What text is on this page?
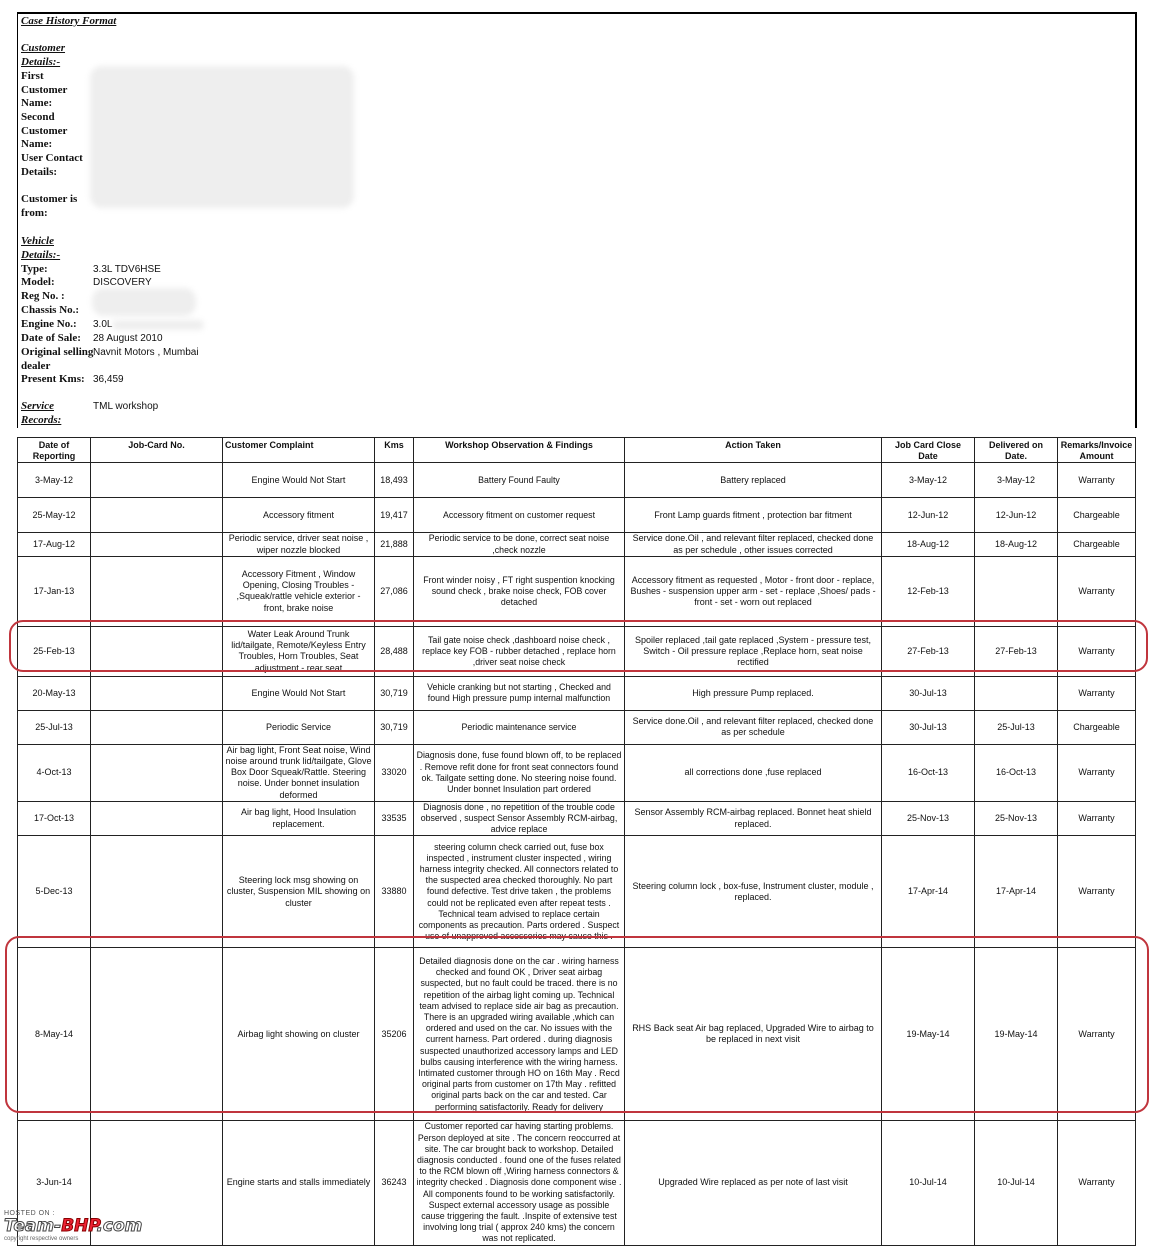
Case History Format
Customer Details:-
First Customer Name:
Second Customer Name:
User Contact Details:
Customer is from:
Vehicle Details:-
Type:	3.3L TDV6HSE
Model:	DISCOVERY
Reg No. :
Chassis No.:
Engine No.: 3.0L
Date of Sale: 28 August 2010
Original selling dealer
Navnit Motors , Mumbai
Present Kms: 36,459
Service Records:
TML workshop
Date of Reporting	Job-Card No.	Customer Complaint	Kms	Workshop Observation & Findings	Action Taken	Job Card Close Date	Delivered on Date.	Remarks/Invoice Amount
3-May-12		Engine Would Not Start	18,493	Battery Found Faulty	Battery replaced	3-May-12	3-May-12	Warranty
25-May-12		Accessory fitment	19,417	Accessory fitment on customer request	Front Lamp guards fitment , protection bar fitment	12-Jun-12	12-Jun-12	Chargeable
17-Aug-12		Periodic service, driver seat noise , wiper nozzle blocked	21,888	Periodic service to be done, correct seat noise ,check nozzle	Service done.Oil , and relevant filter replaced, checked done as per schedule , other issues corrected	18-Aug-12	18-Aug-12	Chargeable
17-Jan-13		Accessory Fitment , Window Opening, Closing Troubles - ,Squeak/rattle vehicle exterior - front, brake noise	27,086	Front winder noisy , FT right suspention knocking sound check , brake noise check, FOB cover detached	Accessory fitment as requested , Motor - front door - replace, Bushes - suspension upper arm - set - replace ,Shoes/ pads - front - set - worn out replaced	12-Feb-13		Warranty
25-Feb-13		Water Leak Around Trunk lid/tailgate, Remote/Keyless Entry Troubles, Horn Troubles, Seat adjustment - rear seat	28,488	Tail gate noise check ,dashboard noise check , replace key FOB - rubber detached , replace horn ,driver seat noise check	Spoiler replaced ,tail gate replaced ,System - pressure test, Switch - Oil pressure replace ,Replace horn, seat noise rectified	27-Feb-13	27-Feb-13	Warranty
20-May-13		Engine Would Not Start	30,719	Vehicle cranking but not starting , Checked and found High pressure pump internal malfunction	High pressure Pump replaced.	30-Jul-13		Warranty
25-Jul-13		Periodic Service	30,719	Periodic maintenance service	Service done.Oil , and relevant filter replaced, checked done as per schedule	30-Jul-13	25-Jul-13	Chargeable
4-Oct-13		Air bag light, Front Seat noise, Wind noise around trunk lid/tailgate, Glove Box Door Squeak/Rattle. Steering noise. Under bonnet insulation deformed	33020	Diagnosis done, fuse found blown off, to be replaced . Remove refit done for front seat connectors found ok. Tailgate setting done. No steering noise found. Under bonnet Insulation part ordered	all corrections done ,fuse replaced	16-Oct-13	16-Oct-13	Warranty
17-Oct-13		Air bag light, Hood Insulation replacement.	33535	Diagnosis done , no repetition of the trouble code observed , suspect Sensor Assembly RCM-airbag, advice replace	Sensor Assembly RCM-airbag replaced. Bonnet heat shield replaced.	25-Nov-13	25-Nov-13	Warranty
5-Dec-13		Steering lock msg showing on cluster, Suspension MIL showing on cluster	33880	steering column check carried out, fuse box inspected , instrument cluster inspected , wiring harness integrity checked. All connectors related to the suspected area checked thoroughly. No part found defective. Test drive taken , the problems could not be replicated even after repeat tests . Technical team advised to replace certain components as precaution. Parts ordered . Suspect use of unapproved accessories may cause this .	Steering column lock , box-fuse, Instrument cluster, module , replaced.	17-Apr-14	17-Apr-14	Warranty
8-May-14		Airbag light showing on cluster	35206	Detailed diagnosis done on the car . wiring harness checked and found OK , Driver seat airbag suspected, but no fault could be traced. there is no repetition of the airbag light coming up. Technical team advised to replace side air bag as precaution. There is an upgraded wiring available ,which can ordered and used on the car. No issues with the current harness. Part ordered . during diagnosis suspected unauthorized accessory lamps and LED bulbs causing interference with the wiring harness. Intimated customer through HO on 16th May . Recd original parts from customer on 17th May . refitted original parts back on the car and tested. Car performing satisfactorily. Ready for delivery	RHS Back seat Air bag replaced, Upgraded Wire to airbag to be replaced in next visit	19-May-14	19-May-14	Warranty
3-Jun-14		Engine starts and stalls immediately	36243	Customer reported car having starting problems. Person deployed at site . The concern reoccurred at site. The car brought back to workshop. Detailed diagnosis conducted . found one of the fuses related to the RCM blown off ,Wiring harness connectors & integrity checked . Diagnosis done component wise . All components found to be working satisfactorily. Suspect external accessory usage as possible cause triggering the fault. .Inspite of extensive test involving long trial ( approx 240 kms) the concern was not replicated.	Upgraded Wire replaced as per note of last visit	10-Jul-14	10-Jul-14	Warranty
HOSTED ON :
Team-BHP.com
copyright respective owners
